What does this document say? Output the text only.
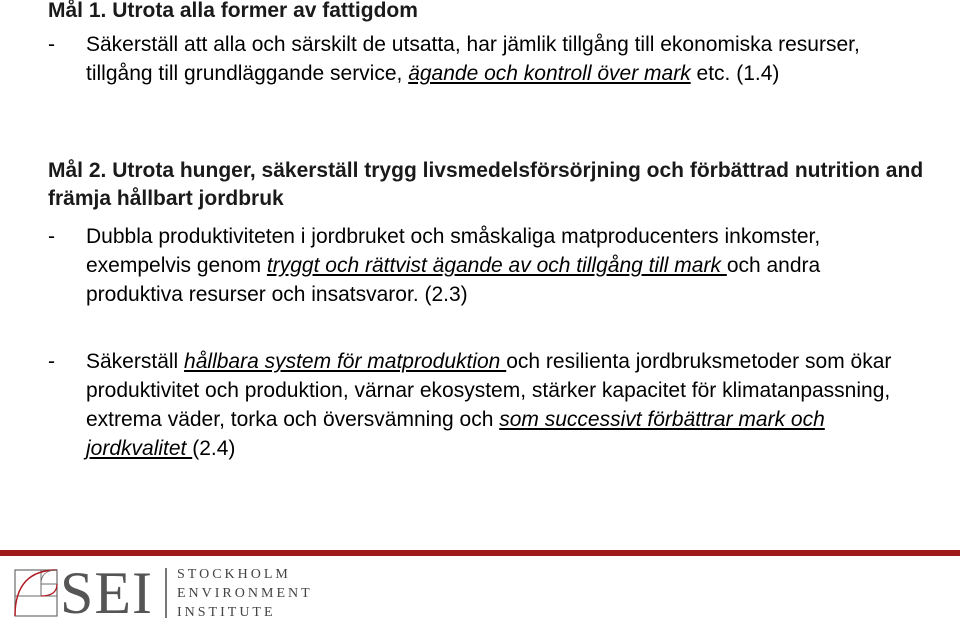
Mål 1. Utrota alla former av fattigdom
-	Säkerställ att alla och särskilt de utsatta, har jämlik tillgång till ekonomiska resurser, tillgång till grundläggande service, ägande och kontroll över mark etc. (1.4)
Mål 2. Utrota hunger, säkerställ trygg livsmedelsförsörjning och förbättrad nutrition and främja hållbart jordbruk
-	Dubbla produktiviteten i jordbruket och småskaliga matproducenters inkomster, exempelvis genom tryggt och rättvist ägande av och tillgång till mark och andra produktiva resurser och insatsvaror. (2.3)
-	Säkerställ hållbara system för matproduktion och resilienta jordbruksmetoder som ökar produktivitet och produktion, värnar ekosystem, stärker kapacitet för klimatanpassning, extrema väder, torka och översvämning och som successivt förbättrar mark och jordkvalitet (2.4)
SEI STOCKHOLM
ENVIRONMENT
INSTITUTE
